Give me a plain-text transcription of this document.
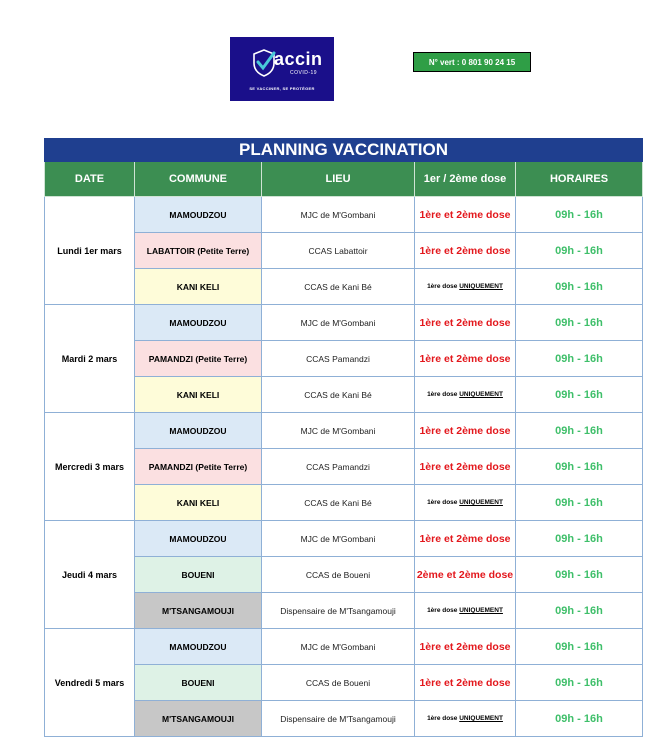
accin
COVID-19
SE VACCINER, SE PROTÉGER
N° vert : 0 801 90 24 15
PLANNING VACCINATION				
DATE	COMMUNE	LIEU	1er / 2ème dose	HORAIRES
Lundi 1er mars	MAMOUDZOU	MJC de M'Gombani	1ère et 2ème dose	09h - 16h
	LABATTOIR (Petite Terre)	CCAS Labattoir	1ère et 2ème dose	09h - 16h
	KANI KELI	CCAS de Kani Bé	1ère dose UNIQUEMENT	09h - 16h
Mardi 2 mars	MAMOUDZOU	MJC de M'Gombani	1ère et 2ème dose	09h - 16h
	PAMANDZI (Petite Terre)	CCAS Pamandzi	1ère et 2ème dose	09h - 16h
	KANI KELI	CCAS de Kani Bé	1ère dose UNIQUEMENT	09h - 16h
Mercredi 3 mars	MAMOUDZOU	MJC de M'Gombani	1ère et 2ème dose	09h - 16h
	PAMANDZI (Petite Terre)	CCAS Pamandzi	1ère et 2ème dose	09h - 16h
	KANI KELI	CCAS de Kani Bé	1ère dose UNIQUEMENT	09h - 16h
Jeudi 4 mars	MAMOUDZOU	MJC de M'Gombani	1ère et 2ème dose	09h - 16h
	BOUENI	CCAS de Boueni	2ème et 2ème dose	09h - 16h
	M'TSANGAMOUJI	Dispensaire de M'Tsangamouji	1ère dose UNIQUEMENT	09h - 16h
Vendredi 5 mars	MAMOUDZOU	MJC de M'Gombani	1ère et 2ème dose	09h - 16h
	BOUENI	CCAS de Boueni	1ère et 2ème dose	09h - 16h
	M'TSANGAMOUJI	Dispensaire de M'Tsangamouji	1ère dose UNIQUEMENT	09h - 16h
